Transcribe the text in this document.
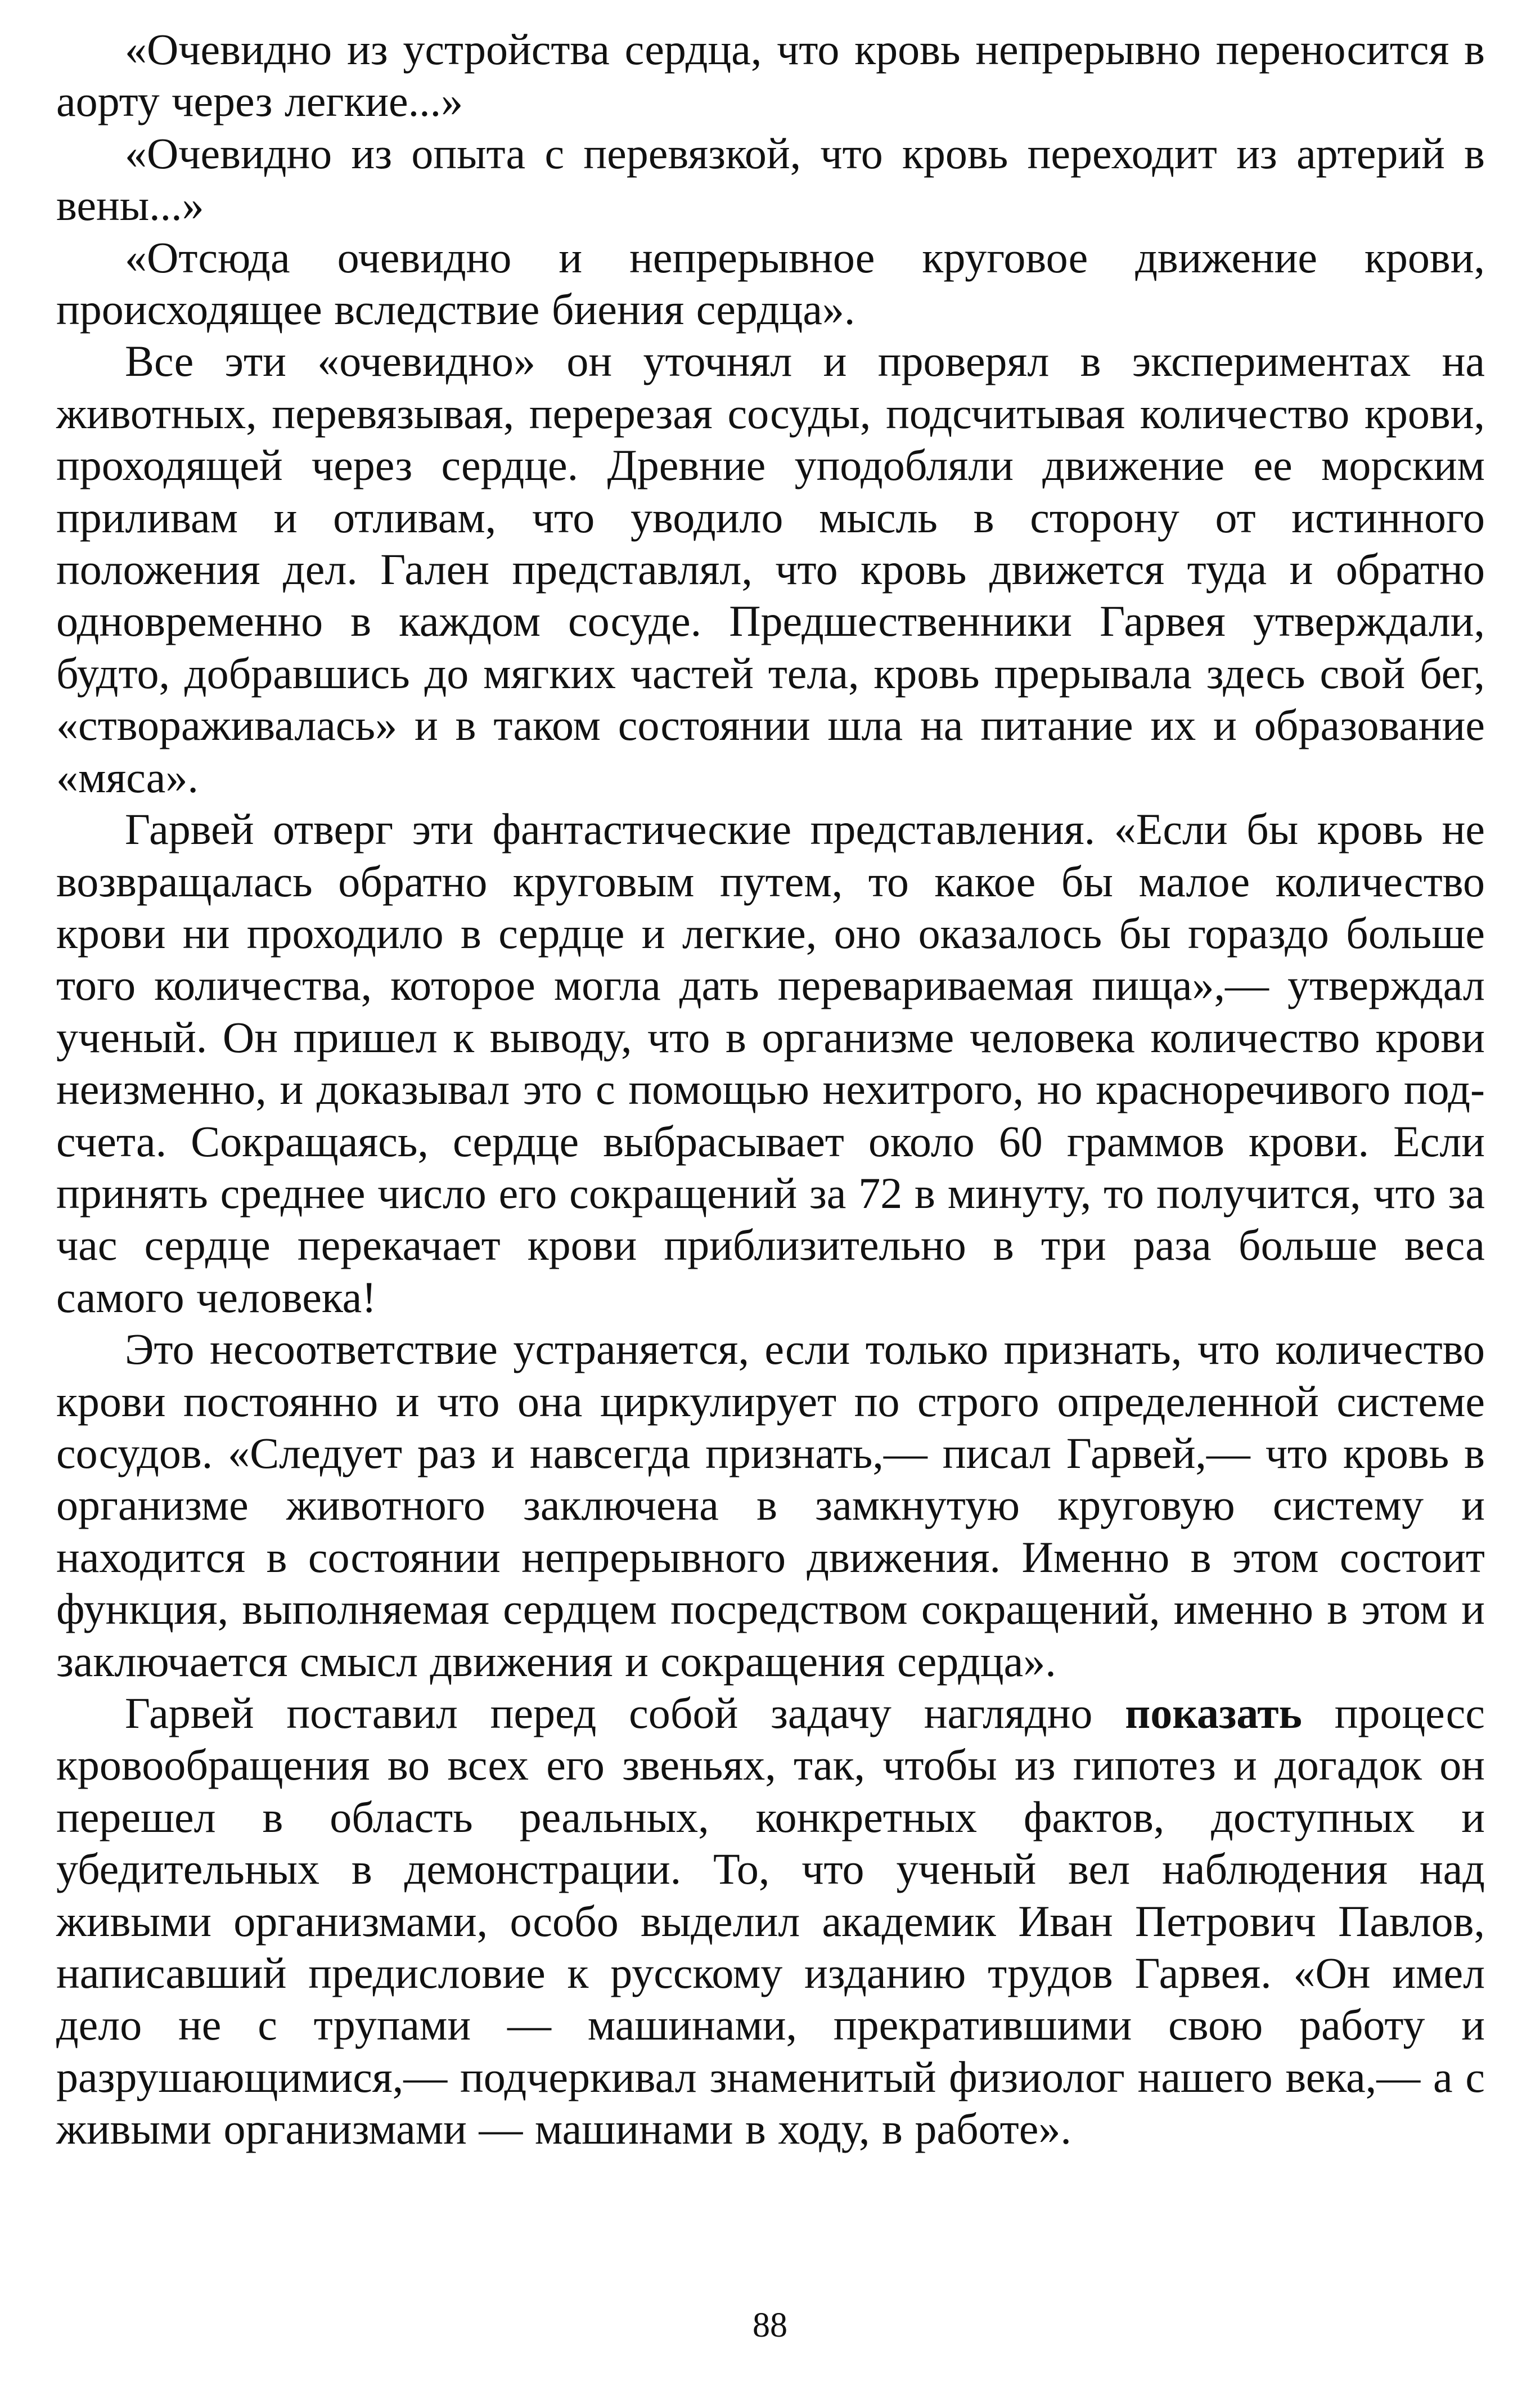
«Очевидно из устройства сердца, что кровь непрерывно переносится в аорту через легкие...»

«Очевидно из опыта с перевязкой, что кровь переходит из артерий в вены...»

«Отсюда очевидно и непрерывное круговое движение крови, происходящее вследствие биения сердца».

Все эти «очевидно» он уточнял и проверял в экспериментах на животных, перевязывая, перерезая сосуды, подсчитывая количество крови, проходящей через сердце. Древние уподобляли движение ее морским приливам и отливам, что уводило мысль в сторону от истинного положения дел. Гален представлял, что кровь движется туда и обратно одновременно в каждом сосуде. Предшественники Гарвея утверждали, будто, добравшись до мягких частей тела, кровь прерывала здесь свой бег, «створаживалась» и в таком состоянии шла на питание их и образование «мяса».

Гарвей отверг эти фантастические представления. «Если бы кровь не возвращалась обратно круговым путем, то какое бы малое количество крови ни проходило в сердце и легкие, оно оказалось бы гораздо больше того количества, которое могла дать перевариваемая пища»,— утверждал ученый. Он пришел к выводу, что в организме человека количество крови неизменно, и доказывал это с помощью нехитрого, но красноречивого подсчета. Сокращаясь, сердце выбрасывает около 60 граммов крови. Если принять среднее число его сокращений за 72 в минуту, то получится, что за час сердце перекачает крови приблизительно в три раза больше веса самого человека!

Это несоответствие устраняется, если только признать, что количество крови постоянно и что она циркулирует по строго определенной системе сосудов. «Следует раз и навсегда признать,— писал Гарвей,— что кровь в организме животного заключена в замкнутую круговую систему и находится в состоянии непрерывного движения. Именно в этом состоит функция, выполняемая сердцем посредством сокращений, именно в этом и заключается смысл движения и сокращения сердца».

Гарвей поставил перед собой задачу наглядно показать процесс кровообращения во всех его звеньях, так, чтобы из гипотез и догадок он перешел в область реальных, конкретных фактов, доступных и убедительных в демонстрации. То, что ученый вел наблюдения над живыми организмами, особо выделил академик Иван Петрович Павлов, написавший предисловие к русскому изданию трудов Гарвея. «Он имел дело не с трупами — машинами, прекратившими свою работу и разрушающимися,— подчеркивал знаменитый физиолог нашего века,— а с живыми организмами — машинами в ходу, в работе».

88
